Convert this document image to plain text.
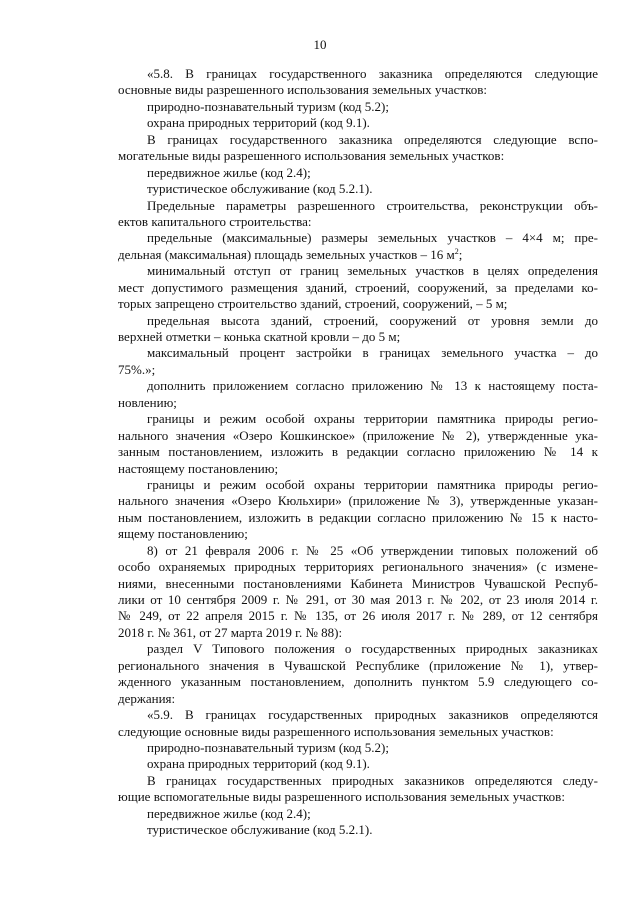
10
«5.8. В границах государственного заказника определяются следующие
основные виды разрешенного использования земельных участков:
природно-познавательный туризм (код 5.2);
охрана природных территорий (код 9.1).
В границах государственного заказника определяются следующие вспо-
могательные виды разрешенного использования земельных участков:
передвижное жилье (код 2.4);
туристическое обслуживание (код 5.2.1).
Предельные параметры разрешенного строительства, реконструкции объ-
ектов капитального строительства:
предельные (максимальные) размеры земельных участков – 4×4 м; пре-
дельная (максимальная) площадь земельных участков – 16 $м^2$;
минимальный отступ от границ земельных участков в целях определения
мест допустимого размещения зданий, строений, сооружений, за пределами ко-
торых запрещено строительство зданий, строений, сооружений, – 5 м;
предельная высота зданий, строений, сооружений от уровня земли до
верхней отметки – конька скатной кровли – до 5 м;
максимальный процент застройки в границах земельного участка – до
75%.»;
дополнить приложением согласно приложению № 13 к настоящему поста-
новлению;
границы и режим особой охраны территории памятника природы регио-
нального значения «Озеро Кошкинское» (приложение № 2), утвержденные ука-
занным постановлением, изложить в редакции согласно приложению № 14 к
настоящему постановлению;
границы и режим особой охраны территории памятника природы регио-
нального значения «Озеро Кюльхири» (приложение № 3), утвержденные указан-
ным постановлением, изложить в редакции согласно приложению № 15 к насто-
ящему постановлению;
8) от 21 февраля 2006 г. № 25 «Об утверждении типовых положений об
особо охраняемых природных территориях регионального значения» (с измене-
ниями, внесенными постановлениями Кабинета Министров Чувашской Респуб-
лики от 10 сентября 2009 г. № 291, от 30 мая 2013 г. № 202, от 23 июля 2014 г.
№ 249, от 22 апреля 2015 г. № 135, от 26 июля 2017 г. № 289, от 12 сентября
2018 г. № 361, от 27 марта 2019 г. № 88):
раздел V Типового положения о государственных природных заказниках
регионального значения в Чувашской Республике (приложение № 1), утвер-
жденного указанным постановлением, дополнить пунктом 5.9 следующего со-
держания:
«5.9. В границах государственных природных заказников определяются
следующие основные виды разрешенного использования земельных участков:
природно-познавательный туризм (код 5.2);
охрана природных территорий (код 9.1).
В границах государственных природных заказников определяются следу-
ющие вспомогательные виды разрешенного использования земельных участков:
передвижное жилье (код 2.4);
туристическое обслуживание (код 5.2.1).
